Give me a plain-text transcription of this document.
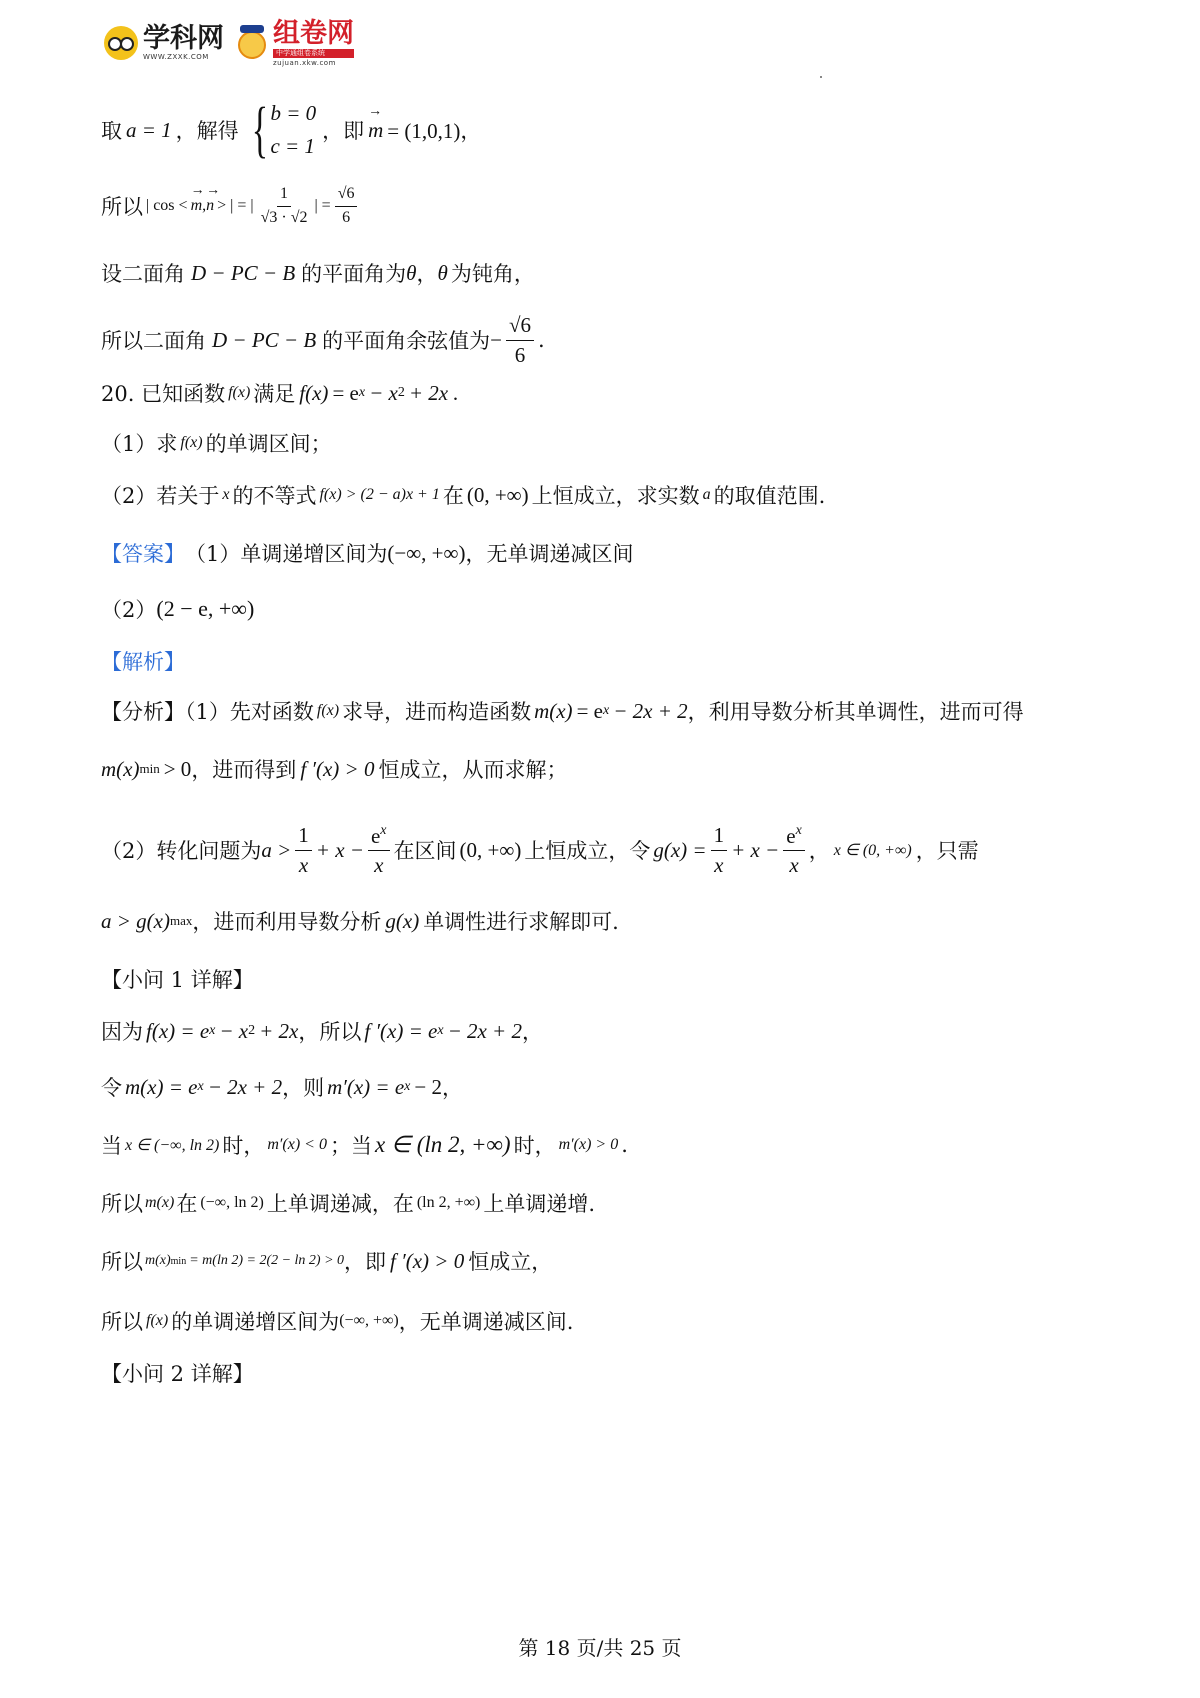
学科网
WWW.ZXXK.COM
组卷网
中学通组卷系统
zujuan.xkw.com
取 a = 1 ，解得 { b = 0
c = 1
，即 → m = (1,0,1)，
所以 | cos < → m , → n > | = | $\frac{1}{√3 \cdot √2}$ | = $\frac{√6}{6}$
设二面角 D − PC − B 的平面角为 θ ， θ 为钝角，
所以二面角 D − PC − B 的平面角余弦值为 − $\frac{√6}{6}$ .
20. 已知函数 f(x) 满足 f(x) = e x − x 2 + 2x .
（1）求 f(x) 的单调区间；
（2）若关于 x 的不等式 f(x) > (2 − a)x + 1 在 (0, +∞) 上恒成立，求实数 a 的取值范围.
【答案】 （1）单调递增区间为 (−∞, +∞) ，无单调递减区间
（2） (2 − e, +∞)
【解析】
【分析】（1）先对函数 f(x) 求导，进而构造函数 m(x) = e x − 2x + 2 ，利用导数分析其单调性，进而可得
m(x) min > 0 ，进而得到 f ′(x) > 0 恒成立，从而求解；
（2）转化问题为 $a > \frac{1}{x} + x - \frac{e^x}{x}$ 在区间 (0, +∞) 上恒成立，令 $g(x) = \frac{1}{x} + x - \frac{e^x}{x}$ ， x ∈ (0, +∞) ，只需
a > g(x) max ，进而利用导数分析 g(x) 单调性进行求解即可.
【小问 1 详解】
因为 f(x) = e x − x 2 + 2x ，所以 f ′(x) = e x − 2x + 2 ，
令 m(x) = e x − 2x + 2 ，则 m′(x) = e x − 2 ，
当 x ∈ (−∞, ln 2) 时， m′(x) < 0 ；当 x ∈ (ln 2, +∞) 时， m′(x) > 0 .
所以 m(x) 在 (−∞, ln 2) 上单调递减，在 (ln 2, +∞) 上单调递增.
所以 m(x) min = m(ln 2) = 2(2 − ln 2) > 0 ，即 f ′(x) > 0 恒成立，
所以 f(x) 的单调递增区间为 (−∞, +∞) ，无单调递减区间.
【小问 2 详解】
第 18 页/共 25 页
